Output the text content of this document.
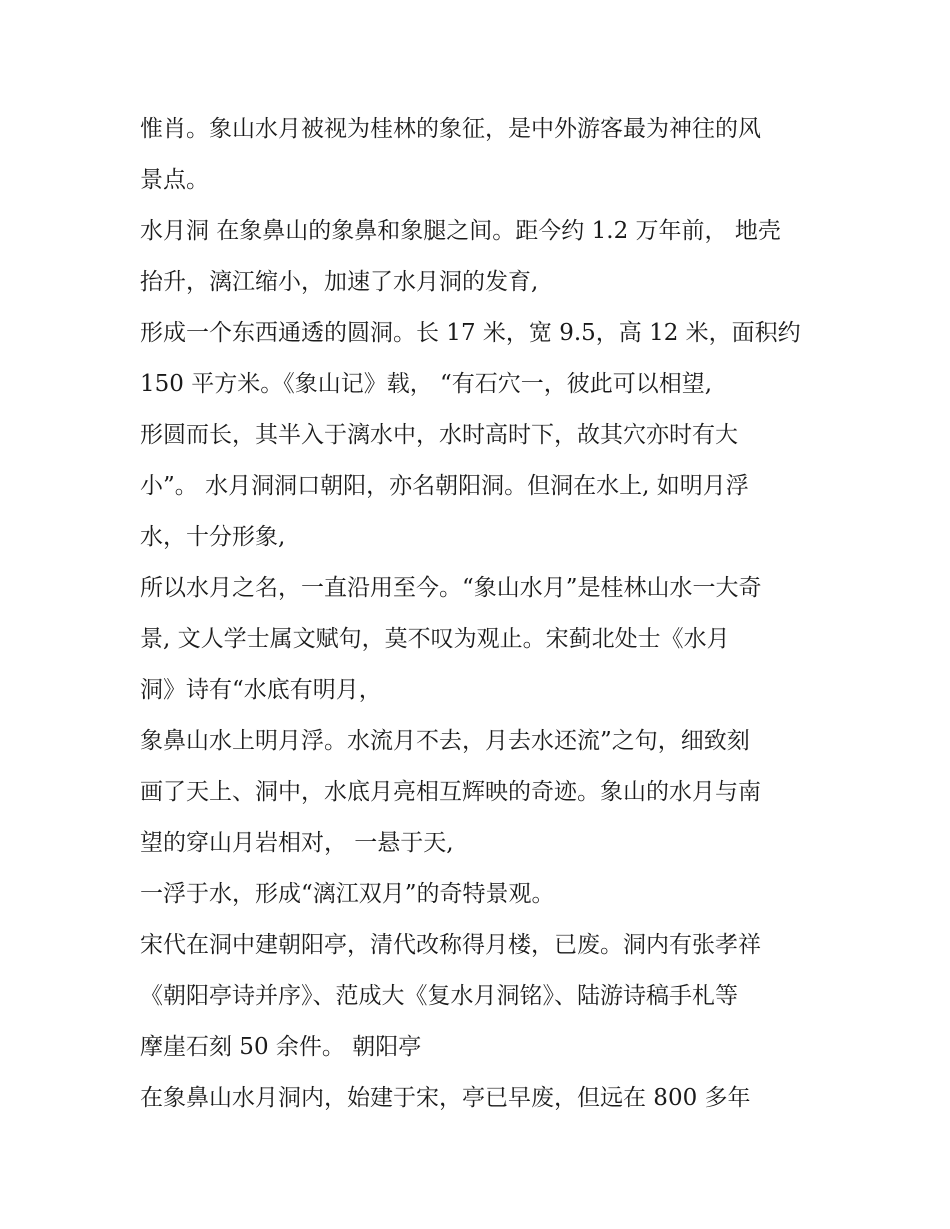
惟肖。象山水月被视为桂林的象征，是中外游客最为神往的风
景点。
水月洞 在象鼻山的象鼻和象腿之间。距今约 1.2 万年前， 地壳
抬升，漓江缩小，加速了水月洞的发育,
形成一个东西通透的圆洞。长 17 米，宽 9.5，高 12 米，面积约
150 平方米。《象山记》载， “有石穴一，彼此可以相望,
形圆而长，其半入于漓水中，水时高时下，故其穴亦时有大
小”。 水月洞洞口朝阳，亦名朝阳洞。但洞在水上, 如明月浮
水，十分形象,
所以水月之名，一直沿用至今。“象山水月”是桂林山水一大奇
景, 文人学士属文赋句，莫不叹为观止。宋蓟北处士《水月
洞》诗有“水底有明月，
象鼻山水上明月浮。水流月不去，月去水还流”之句，细致刻
画了天上、洞中，水底月亮相互辉映的奇迹。象山的水月与南
望的穿山月岩相对， 一悬于天,
一浮于水，形成“漓江双月”的奇特景观。
宋代在洞中建朝阳亭，清代改称得月楼，已废。洞内有张孝祥
《朝阳亭诗并序》、范成大《复水月洞铭》、陆游诗稿手札等
摩崖石刻 50 余件。 朝阳亭
在象鼻山水月洞内，始建于宋，亭已早废，但远在 800 多年
